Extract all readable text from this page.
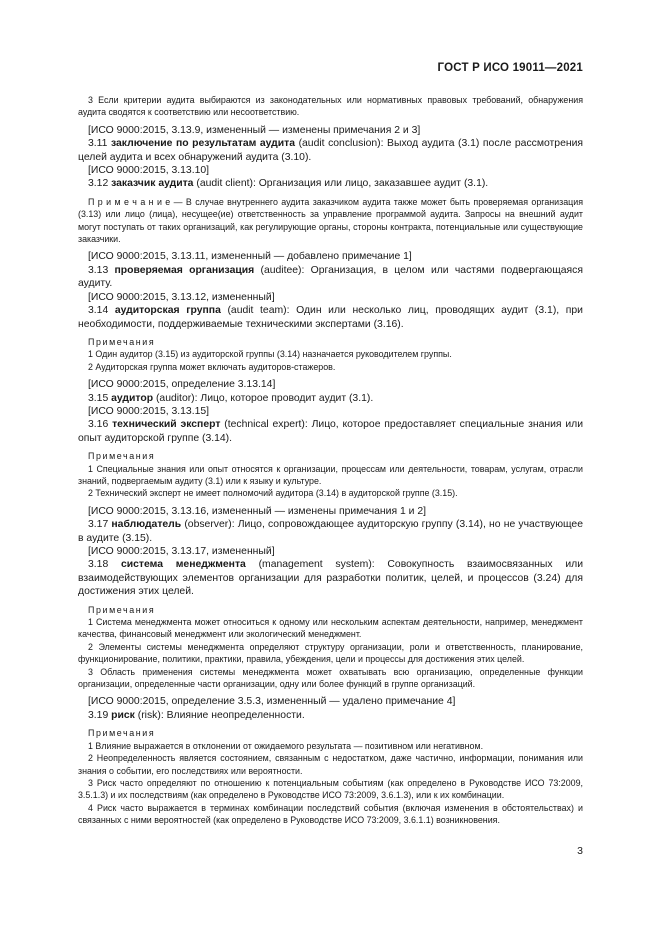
ГОСТ Р ИСО 19011—2021

3 Если критерии аудита выбираются из законодательных или нормативных правовых требований, обнаружения аудита сводятся к соответствию или несоответствию.

[ИСО 9000:2015, 3.13.9, измененный — изменены примечания 2 и 3]

3.11 заключение по результатам аудита (audit conclusion): Выход аудита (3.1) после рассмотрения целей аудита и всех обнаружений аудита (3.10).

[ИСО 9000:2015, 3.13.10]

3.12 заказчик аудита (audit client): Организация или лицо, заказавшее аудит (3.1).

П р и м е ч а н и е — В случае внутреннего аудита заказчиком аудита также может быть проверяемая организация (3.13) или лицо (лица), несущее(ие) ответственность за управление программой аудита. Запросы на внешний аудит могут поступать от таких организаций, как регулирующие органы, стороны контракта, потенциальные или существующие заказчики.

[ИСО 9000:2015, 3.13.11, измененный — добавлено примечание 1]

3.13 проверяемая организация (auditee): Организация, в целом или частями подвергающаяся аудиту.

[ИСО 9000:2015, 3.13.12, измененный]

3.14 аудиторская группа (audit team): Один или несколько лиц, проводящих аудит (3.1), при необходимости, поддерживаемые техническими экспертами (3.16).

Примечания

1 Один аудитор (3.15) из аудиторской группы (3.14) назначается руководителем группы.

2 Аудиторская группа может включать аудиторов-стажеров.

[ИСО 9000:2015, определение 3.13.14]

3.15 аудитор (auditor): Лицо, которое проводит аудит (3.1).

[ИСО 9000:2015, 3.13.15]

3.16 технический эксперт (technical expert): Лицо, которое предоставляет специальные знания или опыт аудиторской группе (3.14).

Примечания

1 Специальные знания или опыт относятся к организации, процессам или деятельности, товарам, услугам, отрасли знаний, подвергаемым аудиту (3.1) или к языку и культуре.

2 Технический эксперт не имеет полномочий аудитора (3.14) в аудиторской группе (3.15).

[ИСО 9000:2015, 3.13.16, измененный — изменены примечания 1 и 2]

3.17 наблюдатель (observer): Лицо, сопровождающее аудиторскую группу (3.14), но не участвующее в аудите (3.15).

[ИСО 9000:2015, 3.13.17, измененный]

3.18 система менеджмента (management system): Совокупность взаимосвязанных или взаимодействующих элементов организации для разработки политик, целей, и процессов (3.24) для достижения этих целей.

Примечания

1 Система менеджмента может относиться к одному или нескольким аспектам деятельности, например, менеджмент качества, финансовый менеджмент или экологический менеджмент.

2 Элементы системы менеджмента определяют структуру организации, роли и ответственность, планирование, функционирование, политики, практики, правила, убеждения, цели и процессы для достижения этих целей.

3 Область применения системы менеджмента может охватывать всю организацию, определенные функции организации, определенные части организации, одну или более функций в группе организаций.

[ИСО 9000:2015, определение 3.5.3, измененный — удалено примечание 4]

3.19 риск (risk): Влияние неопределенности.

Примечания

1 Влияние выражается в отклонении от ожидаемого результата — позитивном или негативном.

2 Неопределенность является состоянием, связанным с недостатком, даже частично, информации, понимания или знания о событии, его последствиях или вероятности.

3 Риск часто определяют по отношению к потенциальным событиям (как определено в Руководстве ИСО 73:2009, 3.5.1.3) и их последствиям (как определено в Руководстве ИСО 73:2009, 3.6.1.3), или к их комбинации.

4 Риск часто выражается в терминах комбинации последствий события (включая изменения в обстоятельствах) и связанных с ними вероятностей (как определено в Руководстве ИСО 73:2009, 3.6.1.1) возникновения.

3
